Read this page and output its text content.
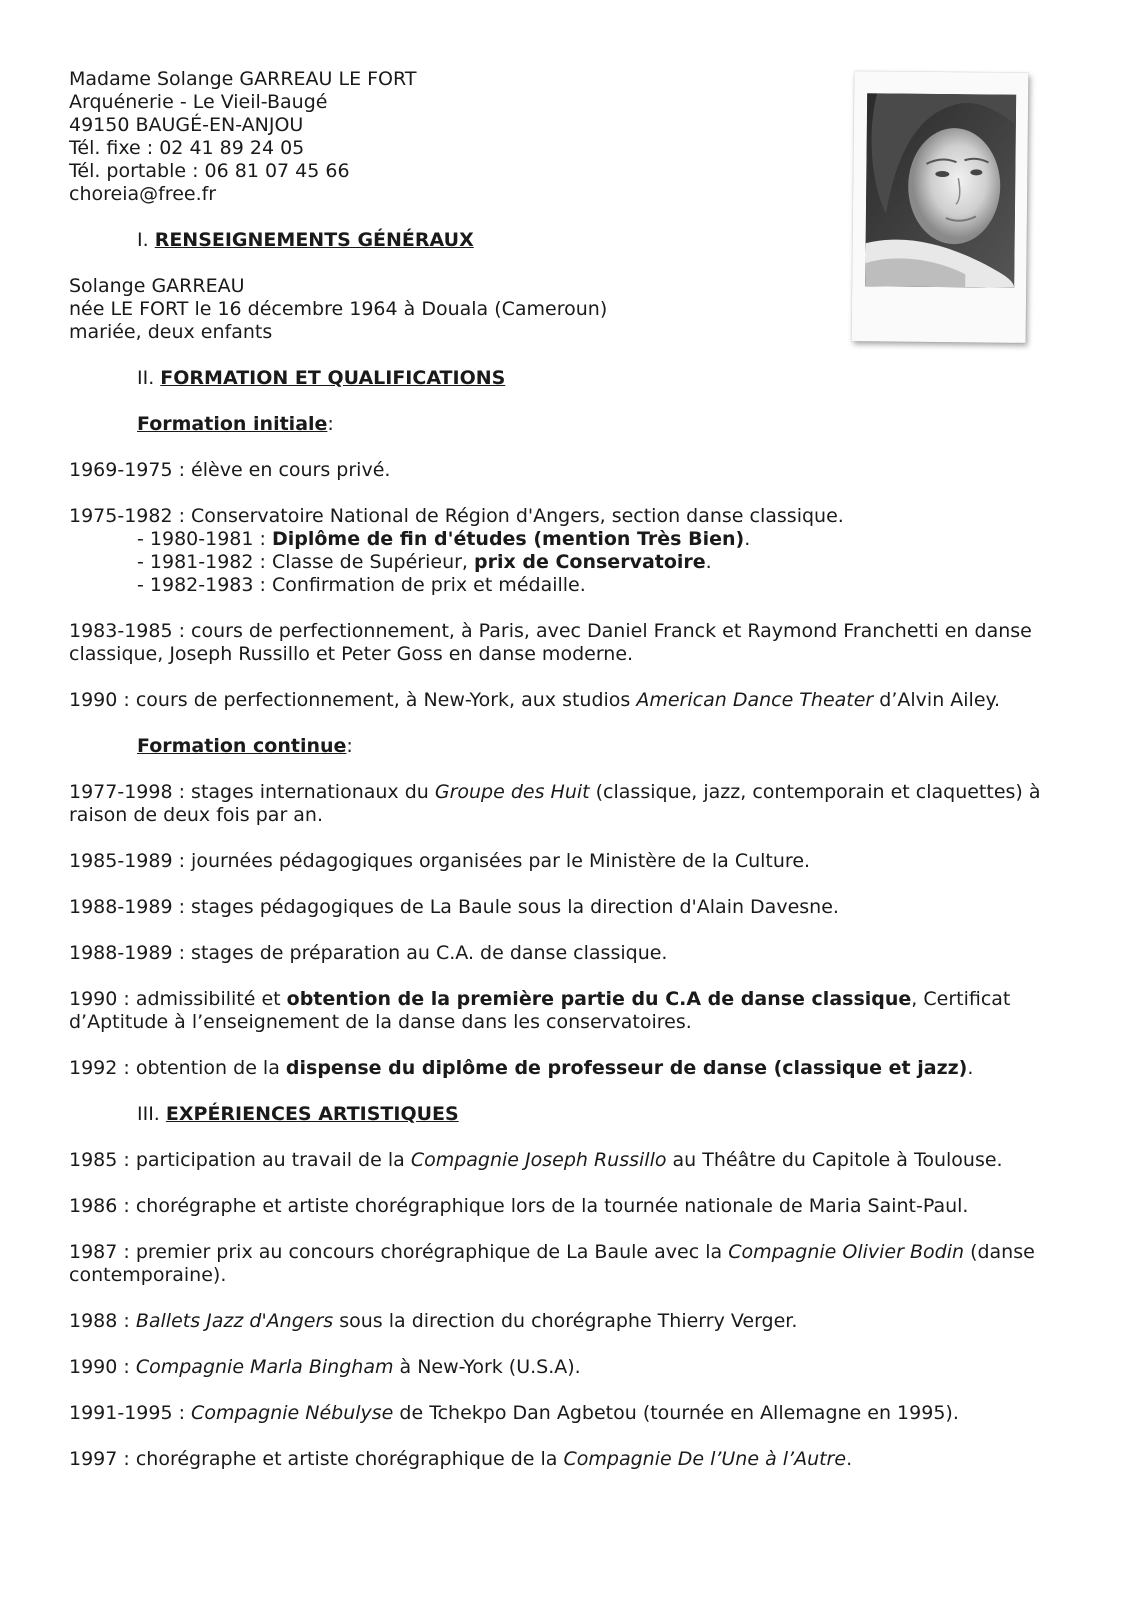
Madame Solange GARREAU LE FORT

Arquénerie - Le Vieil-Baugé

49150 BAUGÉ-EN-ANJOU

Tél. fixe : 02 41 89 24 05

Tél. portable : 06 81 07 45 66

choreia@free.fr

I. RENSEIGNEMENTS GÉNÉRAUX

Solange GARREAU

née LE FORT le 16 décembre 1964 à Douala (Cameroun)

mariée, deux enfants

II. FORMATION ET QUALIFICATIONS

Formation initiale:

1969-1975 : élève en cours privé.

1975-1982 : Conservatoire National de Région d'Angers, section danse classique.

- 1980-1981 : Diplôme de fin d'études (mention Très Bien).

- 1981-1982 : Classe de Supérieur, prix de Conservatoire.

- 1982-1983 : Confirmation de prix et médaille.

1983-1985 : cours de perfectionnement, à Paris, avec Daniel Franck et Raymond Franchetti en danse classique, Joseph Russillo et Peter Goss en danse moderne.

1990 : cours de perfectionnement, à New-York, aux studios American Dance Theater d’Alvin Ailey.

Formation continue:

1977-1998 : stages internationaux du Groupe des Huit (classique, jazz, contemporain et claquettes) à raison de deux fois par an.

1985-1989 : journées pédagogiques organisées par le Ministère de la Culture.

1988-1989 : stages pédagogiques de La Baule sous la direction d'Alain Davesne.

1988-1989 : stages de préparation au C.A. de danse classique.

1990 : admissibilité et obtention de la première partie du C.A de danse classique, Certificat d’Aptitude à l’enseignement de la danse dans les conservatoires.

1992 : obtention de la dispense du diplôme de professeur de danse (classique et jazz).

III. EXPÉRIENCES ARTISTIQUES

1985 : participation au travail de la Compagnie Joseph Russillo au Théâtre du Capitole à Toulouse.

1986 : chorégraphe et artiste chorégraphique lors de la tournée nationale de Maria Saint-Paul.

1987 : premier prix au concours chorégraphique de La Baule avec la Compagnie Olivier Bodin (danse contemporaine).

1988 : Ballets Jazz d'Angers sous la direction du chorégraphe Thierry Verger.

1990 : Compagnie Marla Bingham à New-York (U.S.A).

1991-1995 : Compagnie Nébulyse de Tchekpo Dan Agbetou (tournée en Allemagne en 1995).

1997 : chorégraphe et artiste chorégraphique de la Compagnie De l’Une à l’Autre.
